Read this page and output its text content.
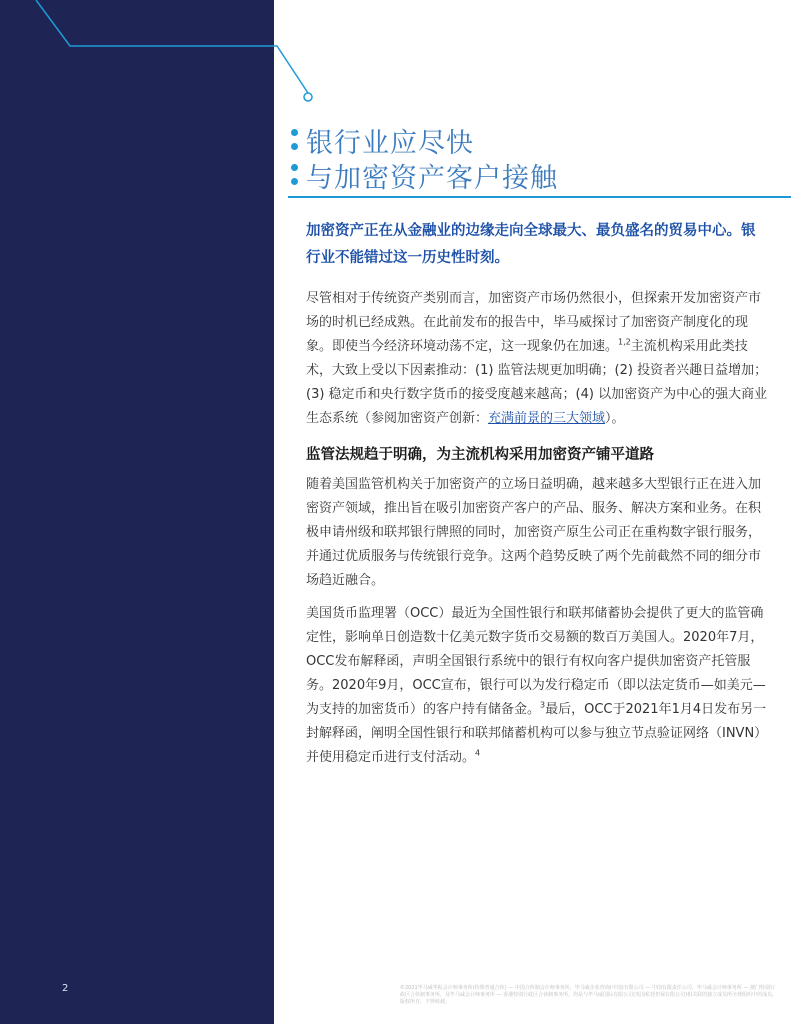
银行业应尽快
与加密资产客户接触
加密资产正在从金融业的边缘走向全球最大、最负盛名的贸易中心。银行业不能错过这一历史性时刻。
尽管相对于传统资产类别而言，加密资产市场仍然很小，但探索开发加密资产市场的时机已经成熟。在此前发布的报告中，毕马威探讨了加密资产制度化的现象。即使当今经济环境动荡不定，这一现象仍在加速。$^{1,2}$主流机构采用此类技术，大致上受以下因素推动：(1) 监管法规更加明确；(2) 投资者兴趣日益增加；(3) 稳定币和央行数字货币的接受度越来越高；(4) 以加密资产为中心的强大商业生态系统（参阅加密资产创新：充满前景的三大领域）。
监管法规趋于明确，为主流机构采用加密资产铺平道路
随着美国监管机构关于加密资产的立场日益明确，越来越多大型银行正在进入加密资产领域，推出旨在吸引加密资产客户的产品、服务、解决方案和业务。在积极申请州级和联邦银行牌照的同时，加密资产原生公司正在重构数字银行服务，并通过优质服务与传统银行竞争。这两个趋势反映了两个先前截然不同的细分市场趋近融合。
美国货币监理署（OCC）最近为全国性银行和联邦储蓄协会提供了更大的监管确定性，影响单日创造数十亿美元数字货币交易额的数百万美国人。2020年7月，OCC发布解释函，声明全国银行系统中的银行有权向客户提供加密资产托管服务。2020年9月，OCC宣布，银行可以为发行稳定币（即以法定货币—如美元—为支持的加密货币）的客户持有储备金。$^3$最后，OCC于2021年1月4日发布另一封解释函，阐明全国性银行和联邦储蓄机构可以参与独立节点验证网络（INVN）并使用稳定币进行支付活动。$^4$
2	©2021毕马威华振会计师事务所(特殊普通合伙) — 中国合伙制会计师事务所，毕马威企业咨询(中国)有限公司 — 中国有限责任公司，毕马威会计师事务所 — 澳门特别行政区合伙制事务所，及毕马威会计师事务所 — 香港特别行政区合伙制事务所，均是与毕马威国际有限公司(英国私营担保有限公司)相关联的独立成员所全球组织中的成员。版权所有，不得转载。
